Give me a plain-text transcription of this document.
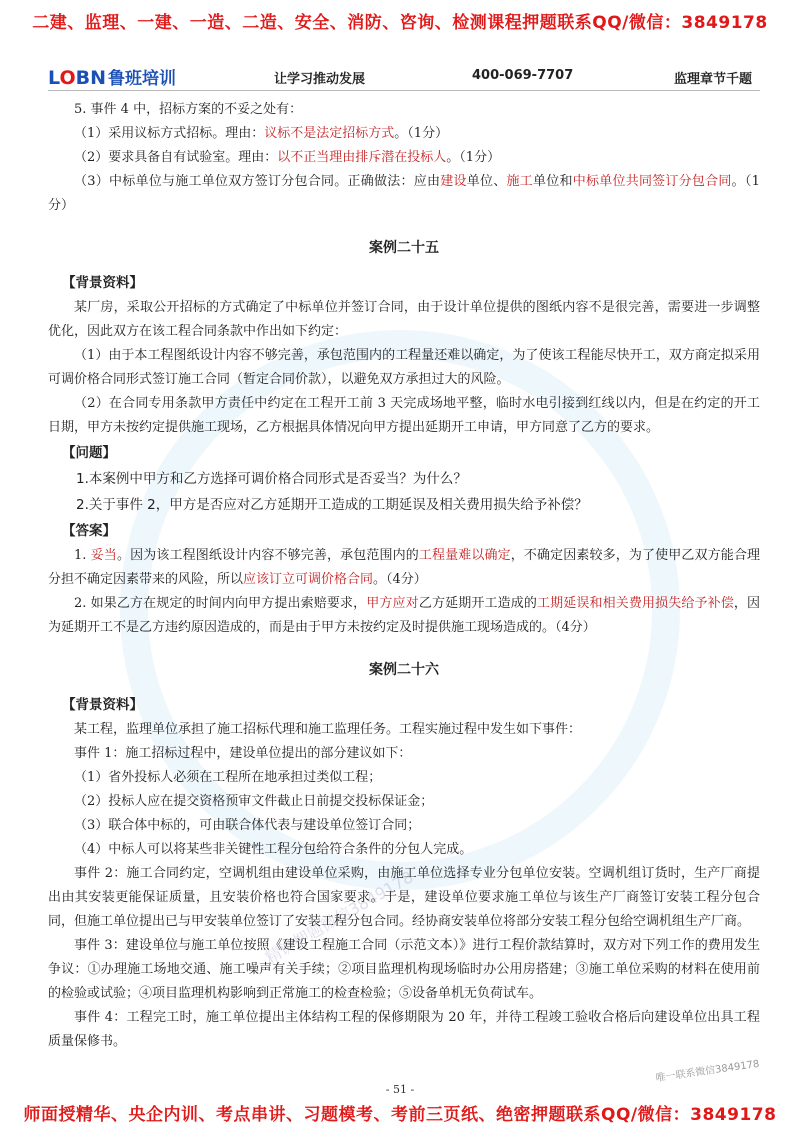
二建、监理、一建、一造、二造、安全、消防、咨询、检测课程押题联系QQ/微信：3849178
LOBN 鲁班培训	让学习推动发展	400-069-7707	监理章节千题
精讲押题微信3849178

5. 事件 4 中，招标方案的不妥之处有：

（1）采用议标方式招标。理由：议标不是法定招标方式。（1分）

（2）要求具备自有试验室。理由：以不正当理由排斥潜在投标人。（1分）

（3）中标单位与施工单位双方签订分包合同。正确做法：应由建设单位、施工单位和中标单位共同签订分包合同。（1分）

案例二十五

【背景资料】

某厂房，采取公开招标的方式确定了中标单位并签订合同，由于设计单位提供的图纸内容不是很完善，需要进一步调整优化，因此双方在该工程合同条款中作出如下约定：

（1）由于本工程图纸设计内容不够完善，承包范围内的工程量还难以确定，为了使该工程能尽快开工，双方商定拟采用可调价格合同形式签订施工合同（暂定合同价款），以避免双方承担过大的风险。

（2）在合同专用条款甲方责任中约定在工程开工前 3 天完成场地平整，临时水电引接到红线以内，但是在约定的开工日期，甲方未按约定提供施工现场，乙方根据具体情况向甲方提出延期开工申请，甲方同意了乙方的要求。

【问题】

1.本案例中甲方和乙方选择可调价格合同形式是否妥当？为什么？

2.关于事件 2，甲方是否应对乙方延期开工造成的工期延误及相关费用损失给予补偿？

【答案】

1. 妥当。因为该工程图纸设计内容不够完善，承包范围内的工程量难以确定，不确定因素较多，为了使甲乙双方能合理分担不确定因素带来的风险，所以应该订立可调价格合同。（4分）

2. 如果乙方在规定的时间内向甲方提出索赔要求，甲方应对乙方延期开工造成的工期延误和相关费用损失给予补偿，因为延期开工不是乙方违约原因造成的，而是由于甲方未按约定及时提供施工现场造成的。（4分）

案例二十六

【背景资料】

某工程，监理单位承担了施工招标代理和施工监理任务。工程实施过程中发生如下事件：

事件 1：施工招标过程中，建设单位提出的部分建议如下：

（1）省外投标人必须在工程所在地承担过类似工程；

（2）投标人应在提交资格预审文件截止日前提交投标保证金；

（3）联合体中标的，可由联合体代表与建设单位签订合同；

（4）中标人可以将某些非关键性工程分包给符合条件的分包人完成。

事件 2：施工合同约定，空调机组由建设单位采购，由施工单位选择专业分包单位安装。空调机组订货时，生产厂商提出由其安装更能保证质量，且安装价格也符合国家要求。于是，建设单位要求施工单位与该生产厂商签订安装工程分包合同，但施工单位提出已与甲安装单位签订了安装工程分包合同。经协商安装单位将部分安装工程分包给空调机组生产厂商。

事件 3：建设单位与施工单位按照《建设工程施工合同（示范文本）》进行工程价款结算时，双方对下列工作的费用发生争议：①办理施工场地交通、施工噪声有关手续；②项目监理机构现场临时办公用房搭建；③施工单位采购的材料在使用前的检验或试验；④项目监理机构影响到正常施工的检查检验；⑤设备单机无负荷试车。

事件 4：工程完工时，施工单位提出主体结构工程的保修期限为 20 年，并待工程竣工验收合格后向建设单位出具工程质量保修书。

唯一联系微信3849178
- 51 -
师面授精华、央企内训、考点串讲、习题模考、考前三页纸、绝密押题联系QQ/微信：3849178
